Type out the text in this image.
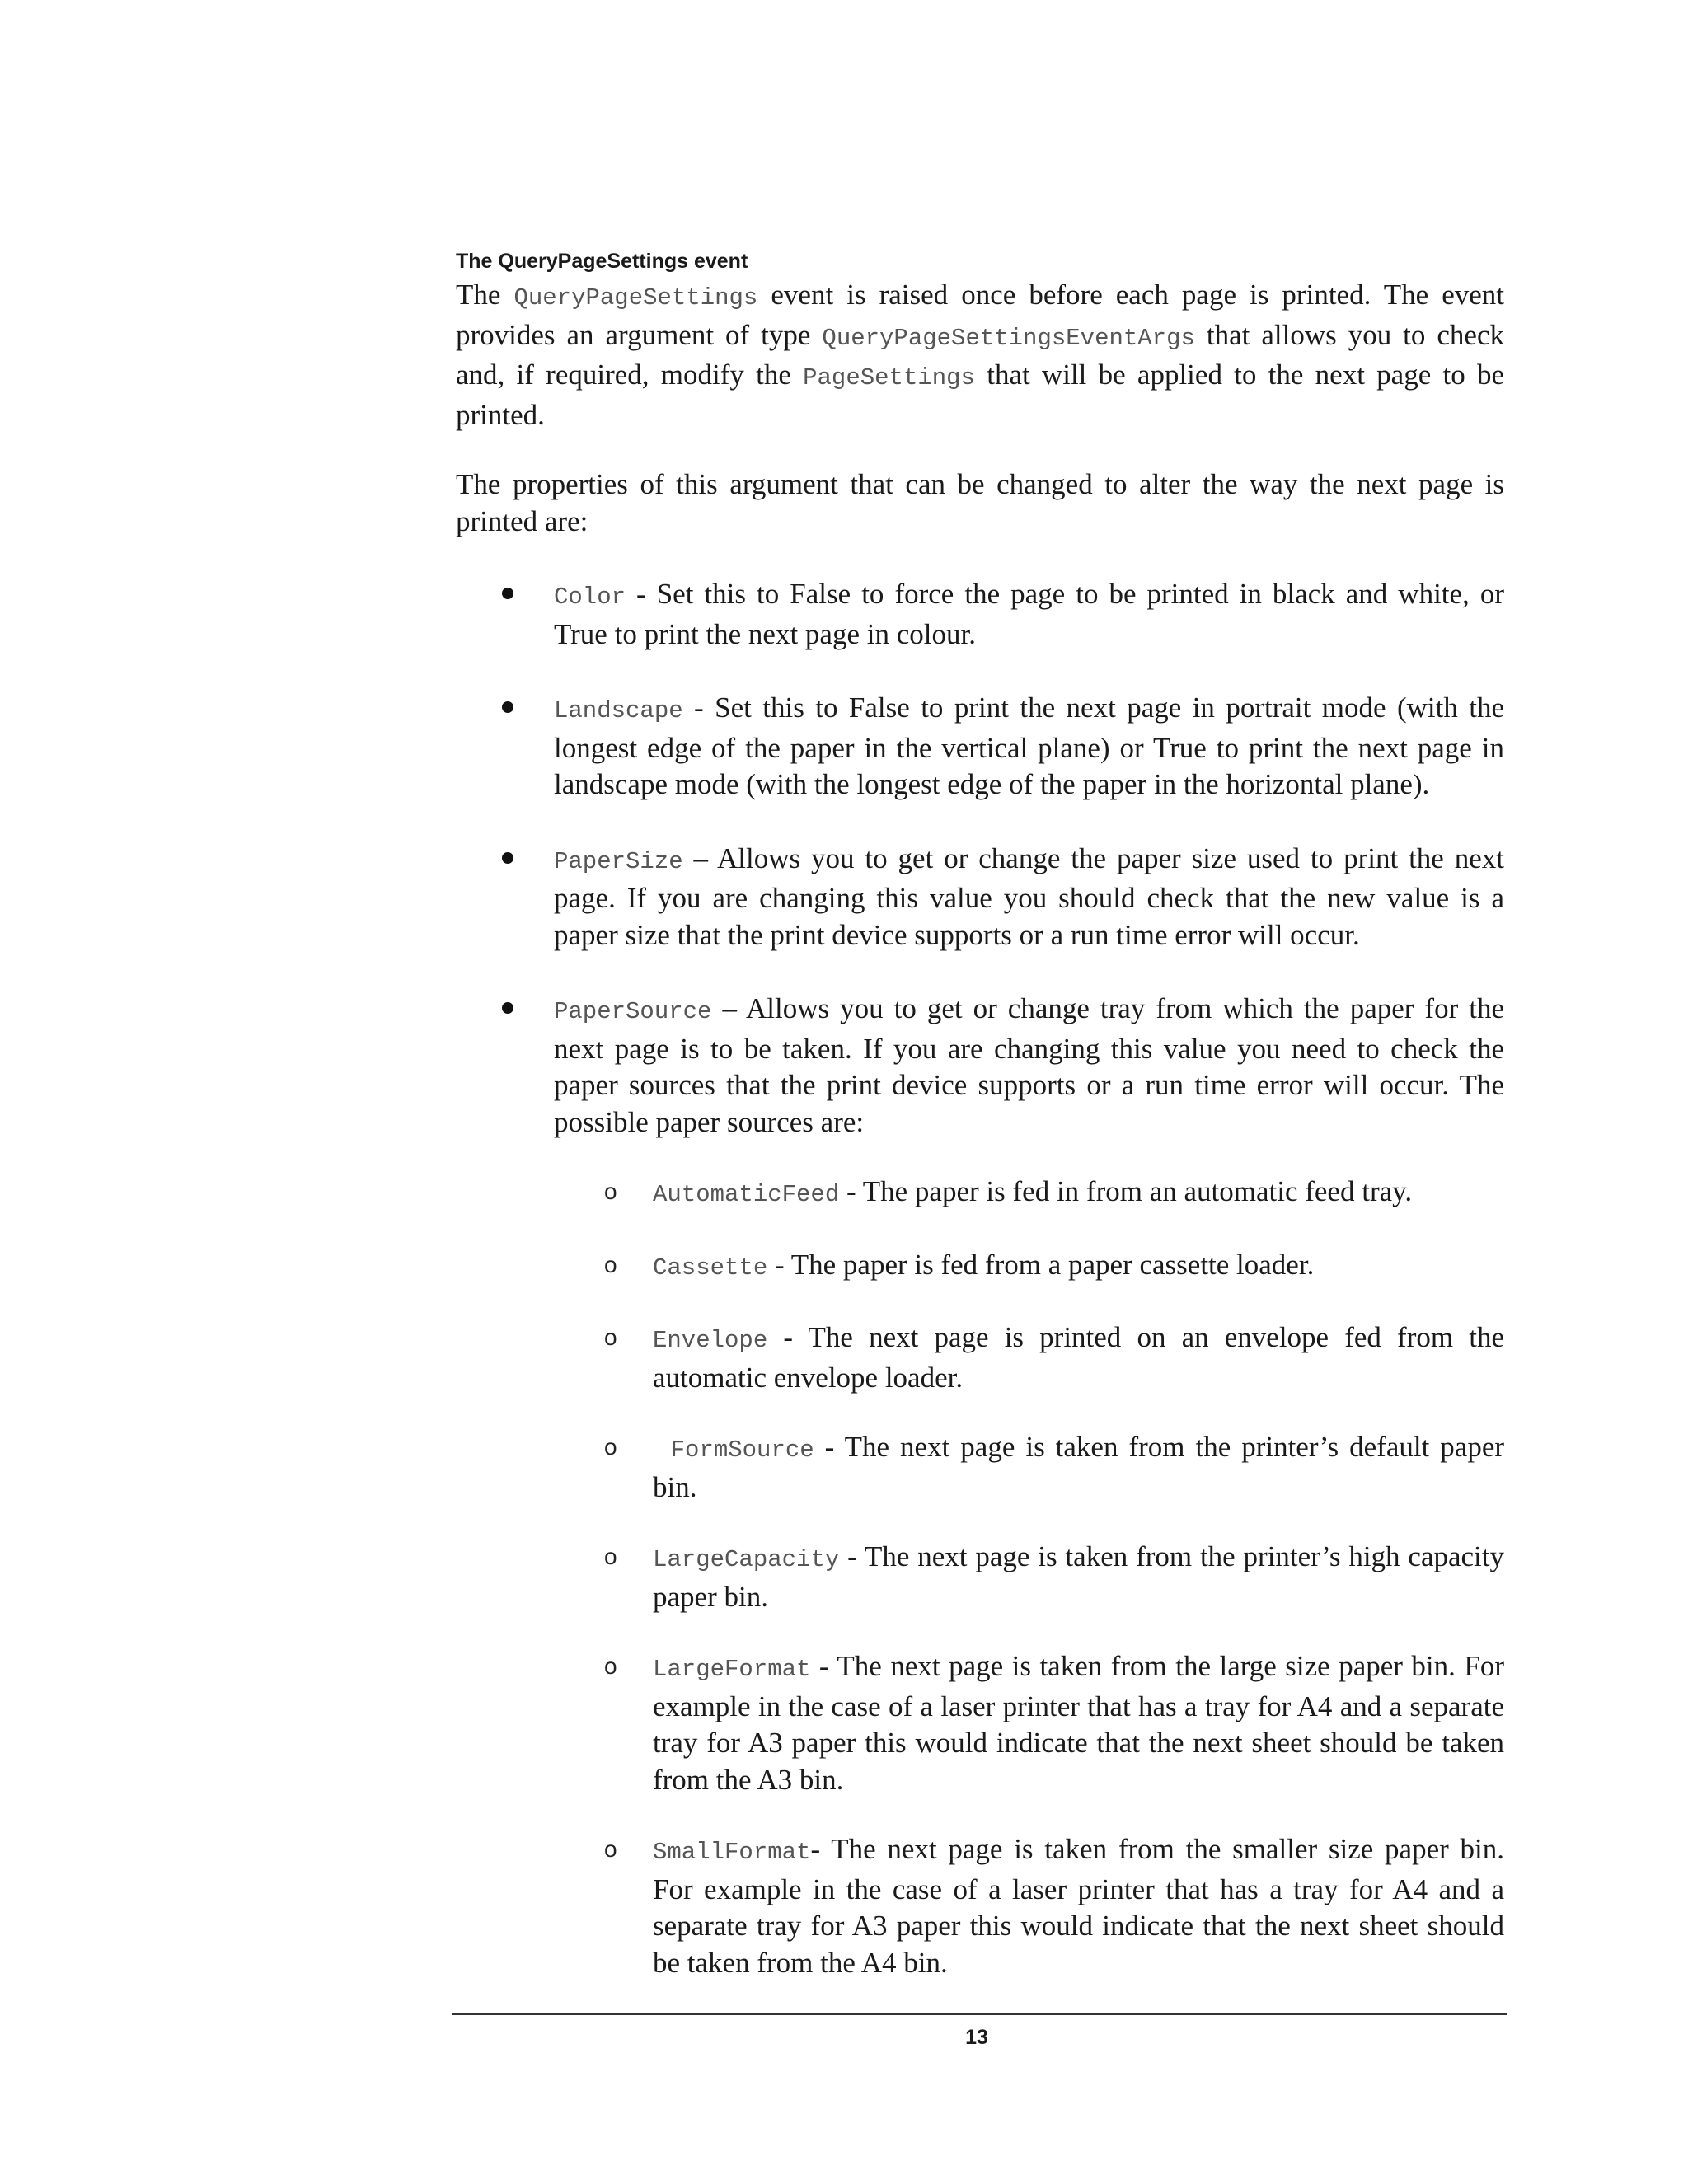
The QueryPageSettings event

The QueryPageSettings event is raised once before each page is printed. The event provides an argument of type QueryPageSettingsEventArgs that allows you to check and, if required, modify the PageSettings that will be applied to the next page to be printed.

The properties of this argument that can be changed to alter the way the next page is printed are:

Color - Set this to False to force the page to be printed in black and white, or True to print the next page in colour.
Landscape - Set this to False to print the next page in portrait mode (with the longest edge of the paper in the vertical plane) or True to print the next page in landscape mode (with the longest edge of the paper in the horizontal plane).
PaperSize – Allows you to get or change the paper size used to print the next page. If you are changing this value you should check that the new value is a paper size that the print device supports or a run time error will occur.
PaperSource – Allows you to get or change tray from which the paper for the next page is to be taken. If you are changing this value you need to check the paper sources that the print device supports or a run time error will occur. The possible paper sources are:
o AutomaticFeed - The paper is fed in from an automatic feed tray.
o Cassette - The paper is fed from a paper cassette loader.
o Envelope - The next page is printed on an envelope fed from the automatic envelope loader.
o FormSource - The next page is taken from the printer’s default paper bin.
o LargeCapacity - The next page is taken from the printer’s high capacity paper bin.
o LargeFormat - The next page is taken from the large size paper bin. For example in the case of a laser printer that has a tray for A4 and a separate tray for A3 paper this would indicate that the next sheet should be taken from the A3 bin.
o SmallFormat- The next page is taken from the smaller size paper bin. For example in the case of a laser printer that has a tray for A4 and a separate tray for A3 paper this would indicate that the next sheet should be taken from the A4 bin.
13
